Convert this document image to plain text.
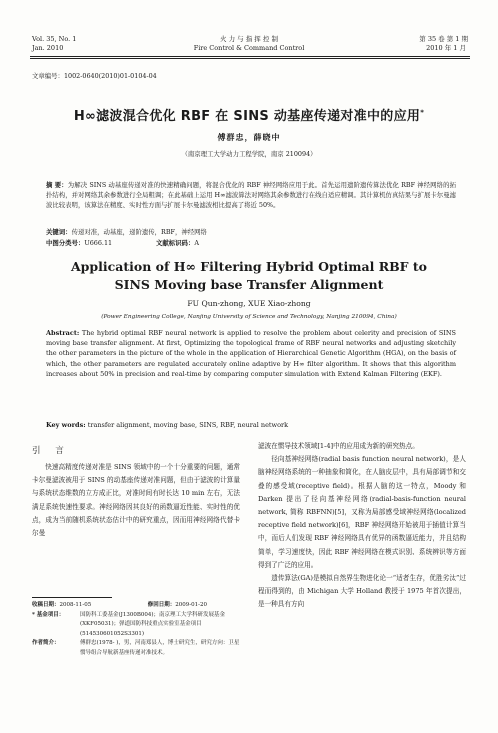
Vol. 35, No. 1
Jan. 2010
火 力 与 指 挥 控 制
Fire Control & Command Control
第 35 卷 第 1 期
2010 年 1 月
文章编号：1002-0640(2010)01-0104-04
H∞滤波混合优化 RBF 在 SINS 动基座传递对准中的应用*
傅群忠，薛晓中
（南京理工大学动力工程学院，南京 210094）
摘 要：为解决 SINS 动基座传递对准的快速精确问题，将混合优化的 RBF 神经网络应用于此。首先运用遗阶遗传算法优化 RBF 神经网络的拓扑结构，并对网络其余参数进行全局粗调；在此基础上运用 H∞滤波算法对网络其余参数进行在线自适应精调。其计算机仿真结果与扩展卡尔曼滤波比较表明，该算法在精度、实时性方面与扩展卡尔曼滤波相比提高了将近 50%。
关键词：传递对准，动基座，递阶遗传，RBF，神经网络
中图分类号：U666.11	文献标识码：A
Application of H∞ Filtering Hybrid Optimal RBF to
SINS Moving base Transfer Alignment
FU Qun-zhong, XUE Xiao-zhong
(Power Engineering College, Nanjing University of Science and Technology, Nanjing 210094, China)
Abstract: The hybrid optimal RBF neural network is applied to resolve the problem about celerity and precision of SINS moving base transfer alignment. At first, Optimizing the topological frame of RBF neural networks and adjusting sketchily the other parameters in the picture of the whole in the application of Hierarchical Genetic Algorithm (HGA), on the basis of which, the other parameters are regulated accurately online adaptive by H∞ filter algorithm. It shows that this algorithm increases about 50% in precision and real-time by comparing computer simulation with Extend Kalman Filtering (EKF).
Key words: transfer alignment, moving base, SINS, RBF, neural network
引 言

快速高精度传递对准是 SINS 领域中的一个十分重要的问题，通常卡尔曼滤波被用于 SINS 的动基座传递对准问题，但由于滤波的计算量与系统状态维数的立方成正比，对准时间有时长达 10 min 左右，无法满足系统快速性要求。神经网络因其良好的函数逼近性能、实时性的优点，成为当前随机系统状态估计中的研究重点，因而用神经网络代替卡尔曼

滤波在惯导技术领域[1-4]中的应用成为新的研究热点。

径向基神经网络(radial basis function neural network)，是人脑神经网络系统的一种抽象和简化，在人脑皮层中，具有局部调节和交叠的感受域(receptive field)。根据人脑的这一特点，Moody 和 Darken 提出了径向基神经网络(radial-basis-function neural network, 简称 RBFNN)[5]，又称为局部感受域神经网络(localized receptive field network)[6]，RBF 神经网络开始被用于插值计算当中，而后人们发现 RBF 神经网络具有优异的函数逼近能力，并且结构简单，学习速度快，因此 RBF 神经网络在模式识别、系统辨识等方面得到了广泛的应用。

遗传算法(GA)是模拟自然界生物进化论一“适者生存，优胜劣汰”过程而得到的，由 Michigan 大学 Holland 教授于 1975 年首次提出，是一种具有方向

收稿日期：2008-11-05	修回日期：2009-01-20
* 基金项目：	国防科工委基金(J1300B004)；南京理工大学科研发展基金(XKF05031)；弹道国防科技重点实验室基金项目(514530601052S3301)
作者简介：	傅群忠(1978- )，男，河南郑县人，博士研究生，研究方向：卫星惯导组合导航新基座传递对准技术。
